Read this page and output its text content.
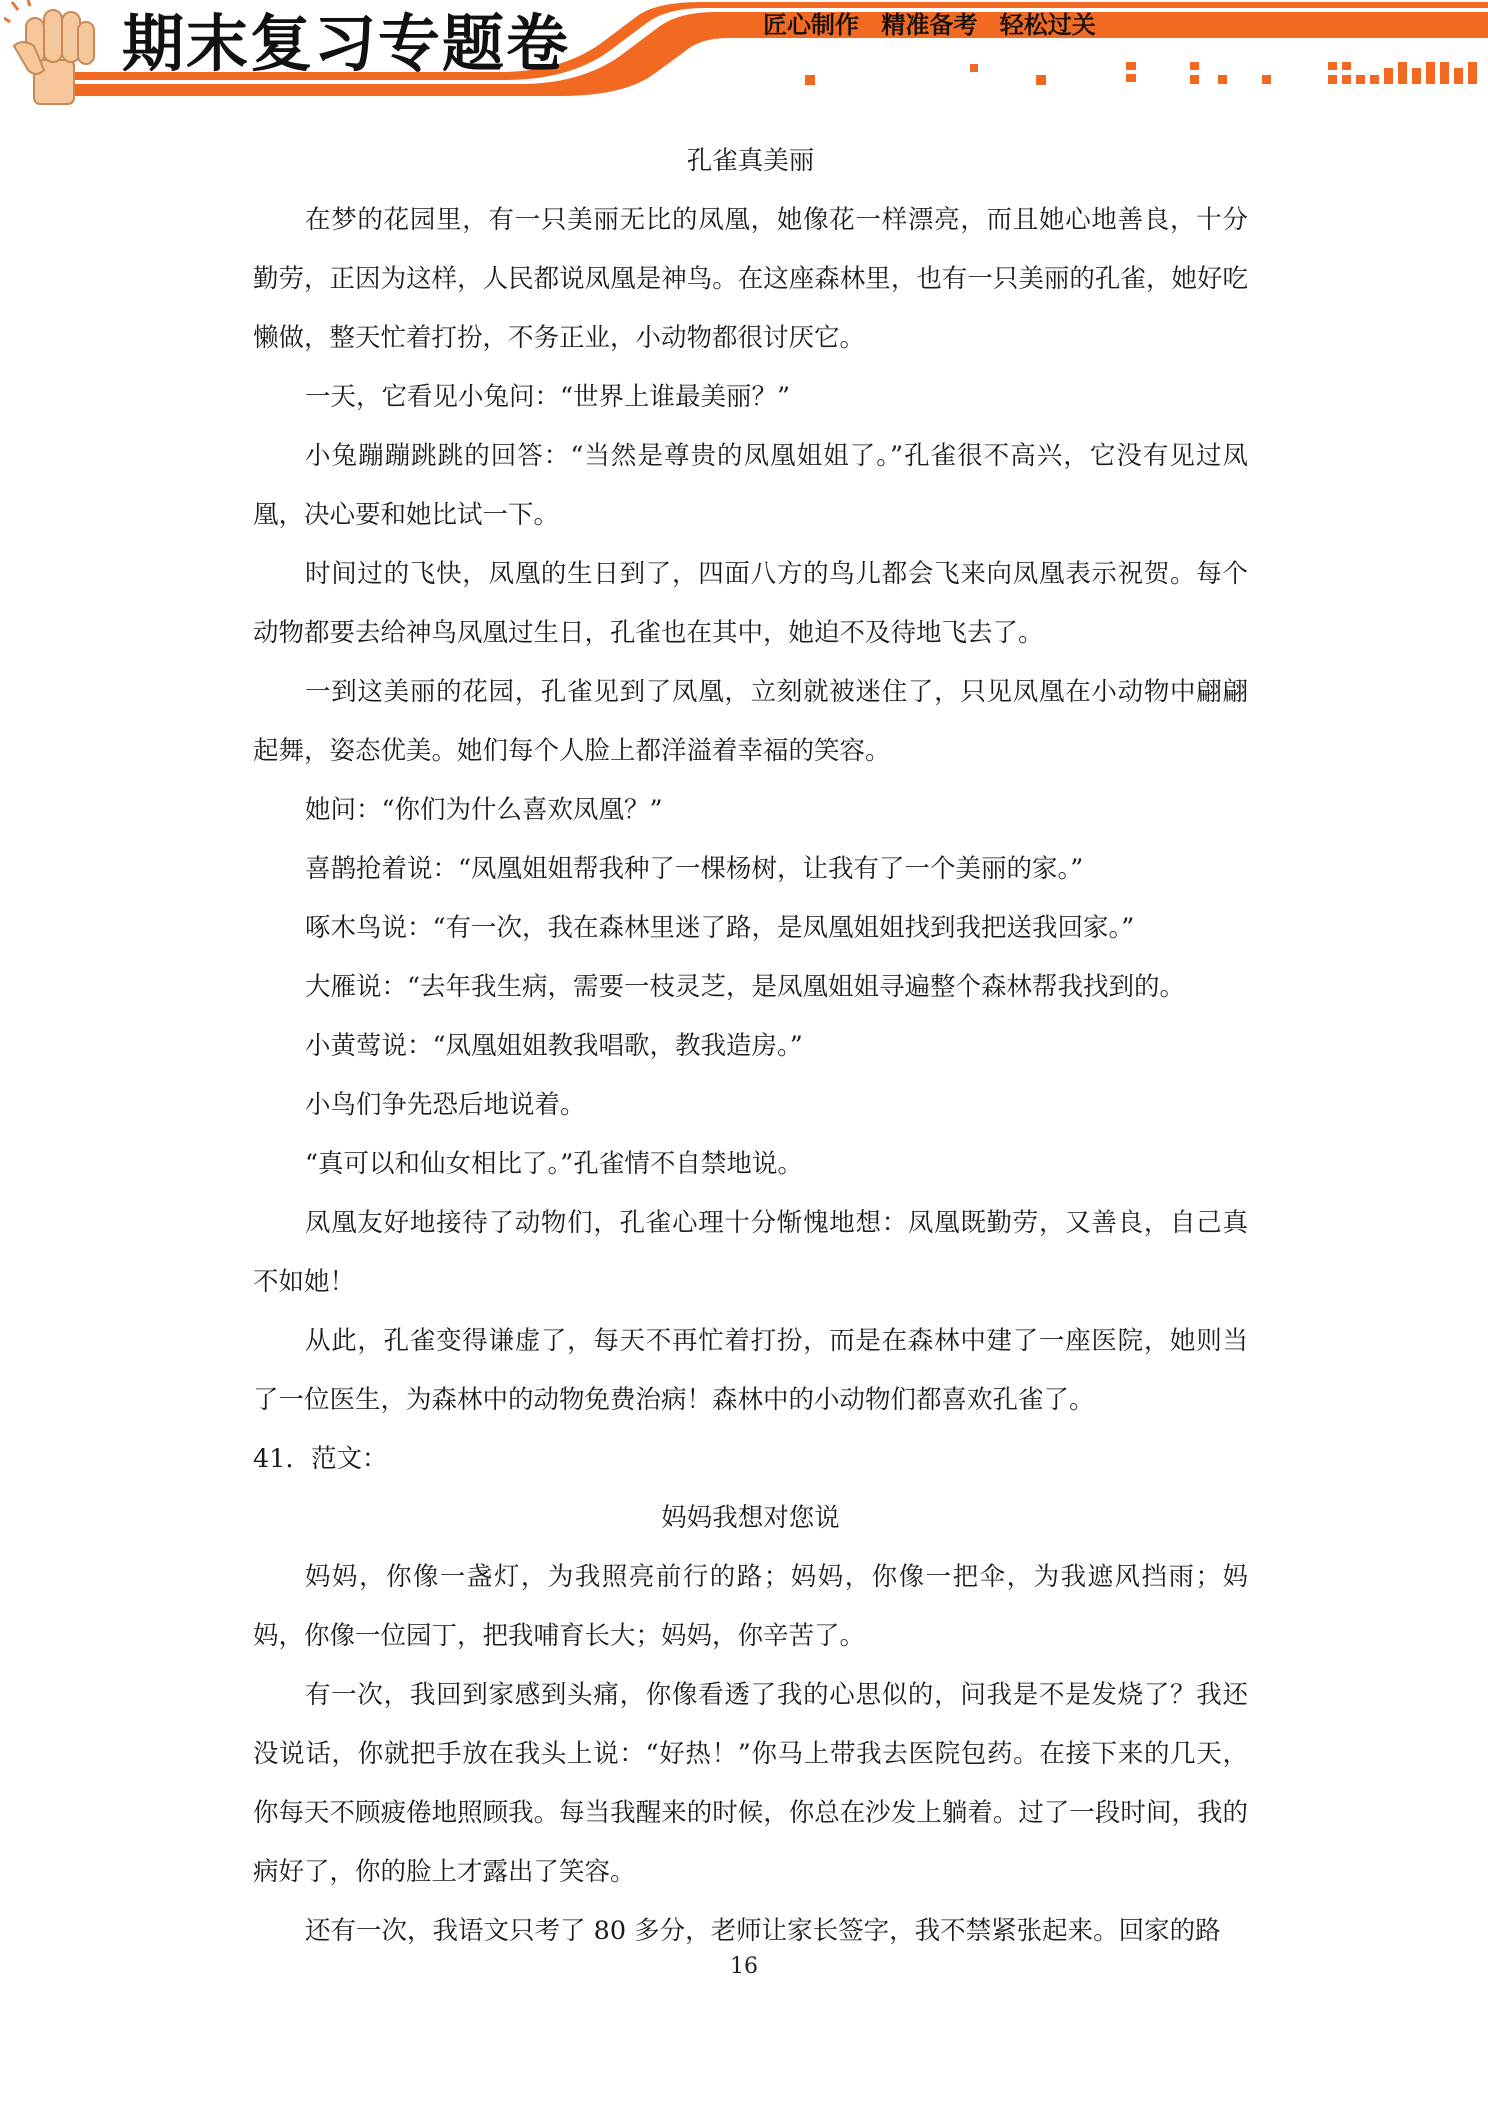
期末复习专题卷	匠心制作 精准备考 轻松过关

孔雀真美丽

在梦的花园里，有一只美丽无比的凤凰，她像花一样漂亮，而且她心地善良，十分勤劳，正因为这样，人民都说凤凰是神鸟。在这座森林里，也有一只美丽的孔雀，她好吃懒做，整天忙着打扮，不务正业，小动物都很讨厌它。

一天，它看见小兔问：“世界上谁最美丽？”

小兔蹦蹦跳跳的回答：“当然是尊贵的凤凰姐姐了。”孔雀很不高兴，它没有见过凤凰，决心要和她比试一下。

时间过的飞快，凤凰的生日到了，四面八方的鸟儿都会飞来向凤凰表示祝贺。每个动物都要去给神鸟凤凰过生日，孔雀也在其中，她迫不及待地飞去了。

一到这美丽的花园，孔雀见到了凤凰，立刻就被迷住了，只见凤凰在小动物中翩翩起舞，姿态优美。她们每个人脸上都洋溢着幸福的笑容。

她问：“你们为什么喜欢凤凰？”

喜鹊抢着说：“凤凰姐姐帮我种了一棵杨树，让我有了一个美丽的家。”

啄木鸟说：“有一次，我在森林里迷了路，是凤凰姐姐找到我把送我回家。”

大雁说：“去年我生病，需要一枝灵芝，是凤凰姐姐寻遍整个森林帮我找到的。

小黄莺说：“凤凰姐姐教我唱歌，教我造房。”

小鸟们争先恐后地说着。

“真可以和仙女相比了。”孔雀情不自禁地说。

凤凰友好地接待了动物们，孔雀心理十分惭愧地想：凤凰既勤劳，又善良，自己真不如她！

从此，孔雀变得谦虚了，每天不再忙着打扮，而是在森林中建了一座医院，她则当了一位医生，为森林中的动物免费治病！森林中的小动物们都喜欢孔雀了。

41．范文：

妈妈我想对您说

妈妈，你像一盏灯，为我照亮前行的路；妈妈，你像一把伞，为我遮风挡雨；妈妈，你像一位园丁，把我哺育长大；妈妈，你辛苦了。

有一次，我回到家感到头痛，你像看透了我的心思似的，问我是不是发烧了？我还没说话，你就把手放在我头上说：“好热！”你马上带我去医院包药。在接下来的几天，你每天不顾疲倦地照顾我。每当我醒来的时候，你总在沙发上躺着。过了一段时间，我的病好了，你的脸上才露出了笑容。

还有一次，我语文只考了 80 多分，老师让家长签字，我不禁紧张起来。回家的路

16
